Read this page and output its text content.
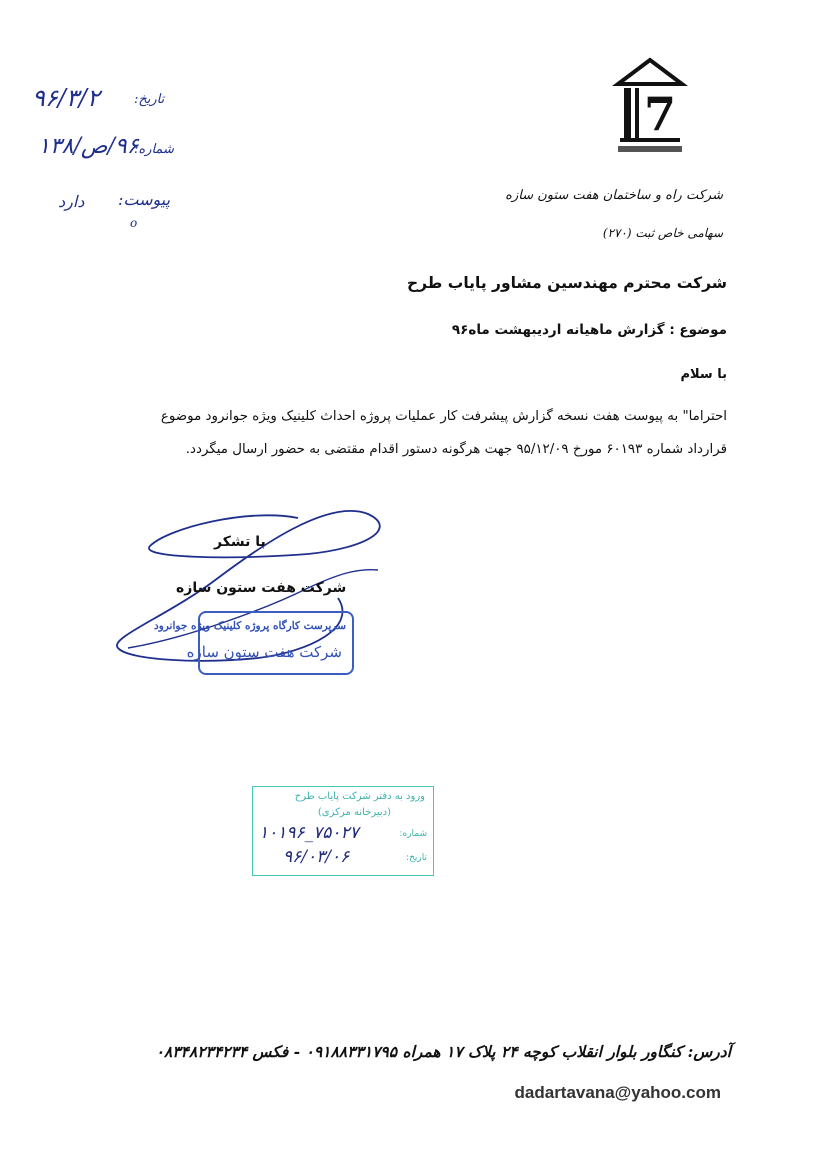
7
شرکت راه و ساختمان هفت ستون سازه
سهامی خاص ثبت (۲۷۰)
تاریخ:
۹۶/۳/۲
شماره:
۹۶/ص/۱۳۸
پیوست:
دارد
o
شرکت محترم مهندسین مشاور پایاب طرح
موضوع : گزارش ماهیانه اردیبهشت ماه۹۶
با سلام
احتراما" به پیوست هفت نسخه گزارش پیشرفت کار عملیات پروژه احداث کلینیک ویژه جوانرود موضوع
قرارداد شماره ۶۰۱۹۳ مورخ ۹۵/۱۲/۰۹ جهت هرگونه دستور اقدام مقتضی به حضور ارسال میگردد.
با تشکر
شرکت هفت ستون سازه
سرپرست کارگاه پروژه کلینیک ویژه جوانرود
شرکت هفت ستون سازه
ورود به دفتر شرکت پایاب طرح
(دبیرخانه مرکزی)
شماره:
۱۰۱۹۶_۷۵۰۲۷
تاریخ:
۹۶/۰۳/۰۶
آدرس: کنگاور بلوار انقلاب کوچه ۲۴ پلاک ۱۷ همراه ۰۹۱۸۸۳۳۱۷۹۵ - فکس ۰۸۳۴۸۲۳۴۲۳۴
dadartavana@yahoo.com
